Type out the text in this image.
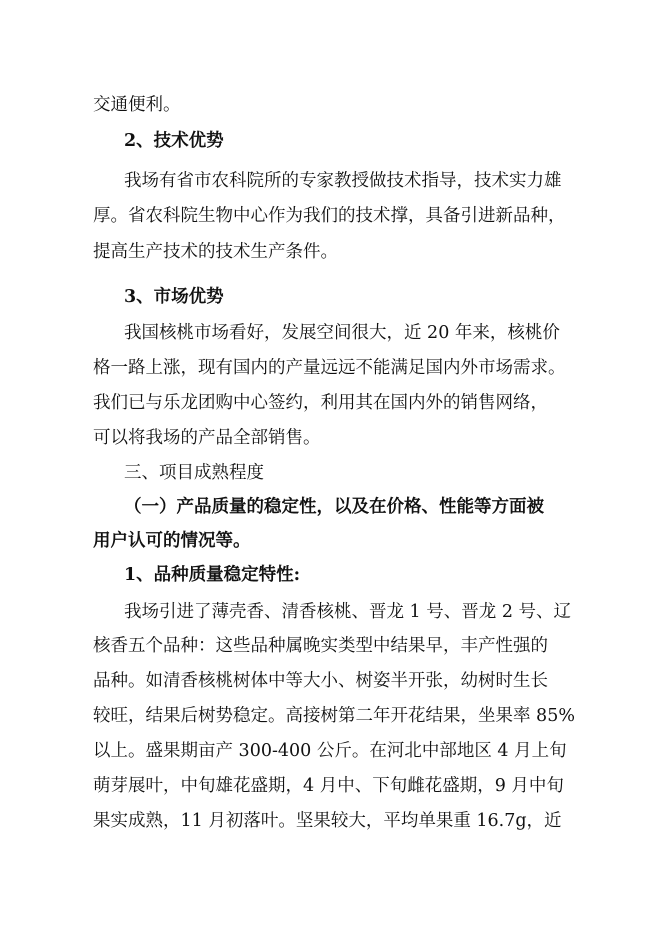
交通便利。
2、技术优势
我场有省市农科院所的专家教授做技术指导，技术实力雄
厚。省农科院生物中心作为我们的技术撑，具备引进新品种，
提高生产技术的技术生产条件。
3、市场优势
我国核桃市场看好，发展空间很大，近 20 年来，核桃价
格一路上涨，现有国内的产量远远不能满足国内外市场需求。
我们已与乐龙团购中心签约，利用其在国内外的销售网络，
可以将我场的产品全部销售。
三、项目成熟程度
（一）产品质量的稳定性，以及在价格、性能等方面被
用户认可的情况等。
1、品种质量稳定特性:
我场引进了薄壳香、清香核桃、晋龙 1 号、晋龙 2 号、辽
核香五个品种：这些品种属晚实类型中结果早，丰产性强的
品种。如清香核桃树体中等大小、树姿半开张，幼树时生长
较旺，结果后树势稳定。高接树第二年开花结果，坐果率 85%
以上。盛果期亩产 300-400 公斤。在河北中部地区 4 月上旬
萌芽展叶，中旬雄花盛期，4 月中、下旬雌花盛期，9 月中旬
果实成熟，11 月初落叶。坚果较大，平均单果重 16.7g，近
